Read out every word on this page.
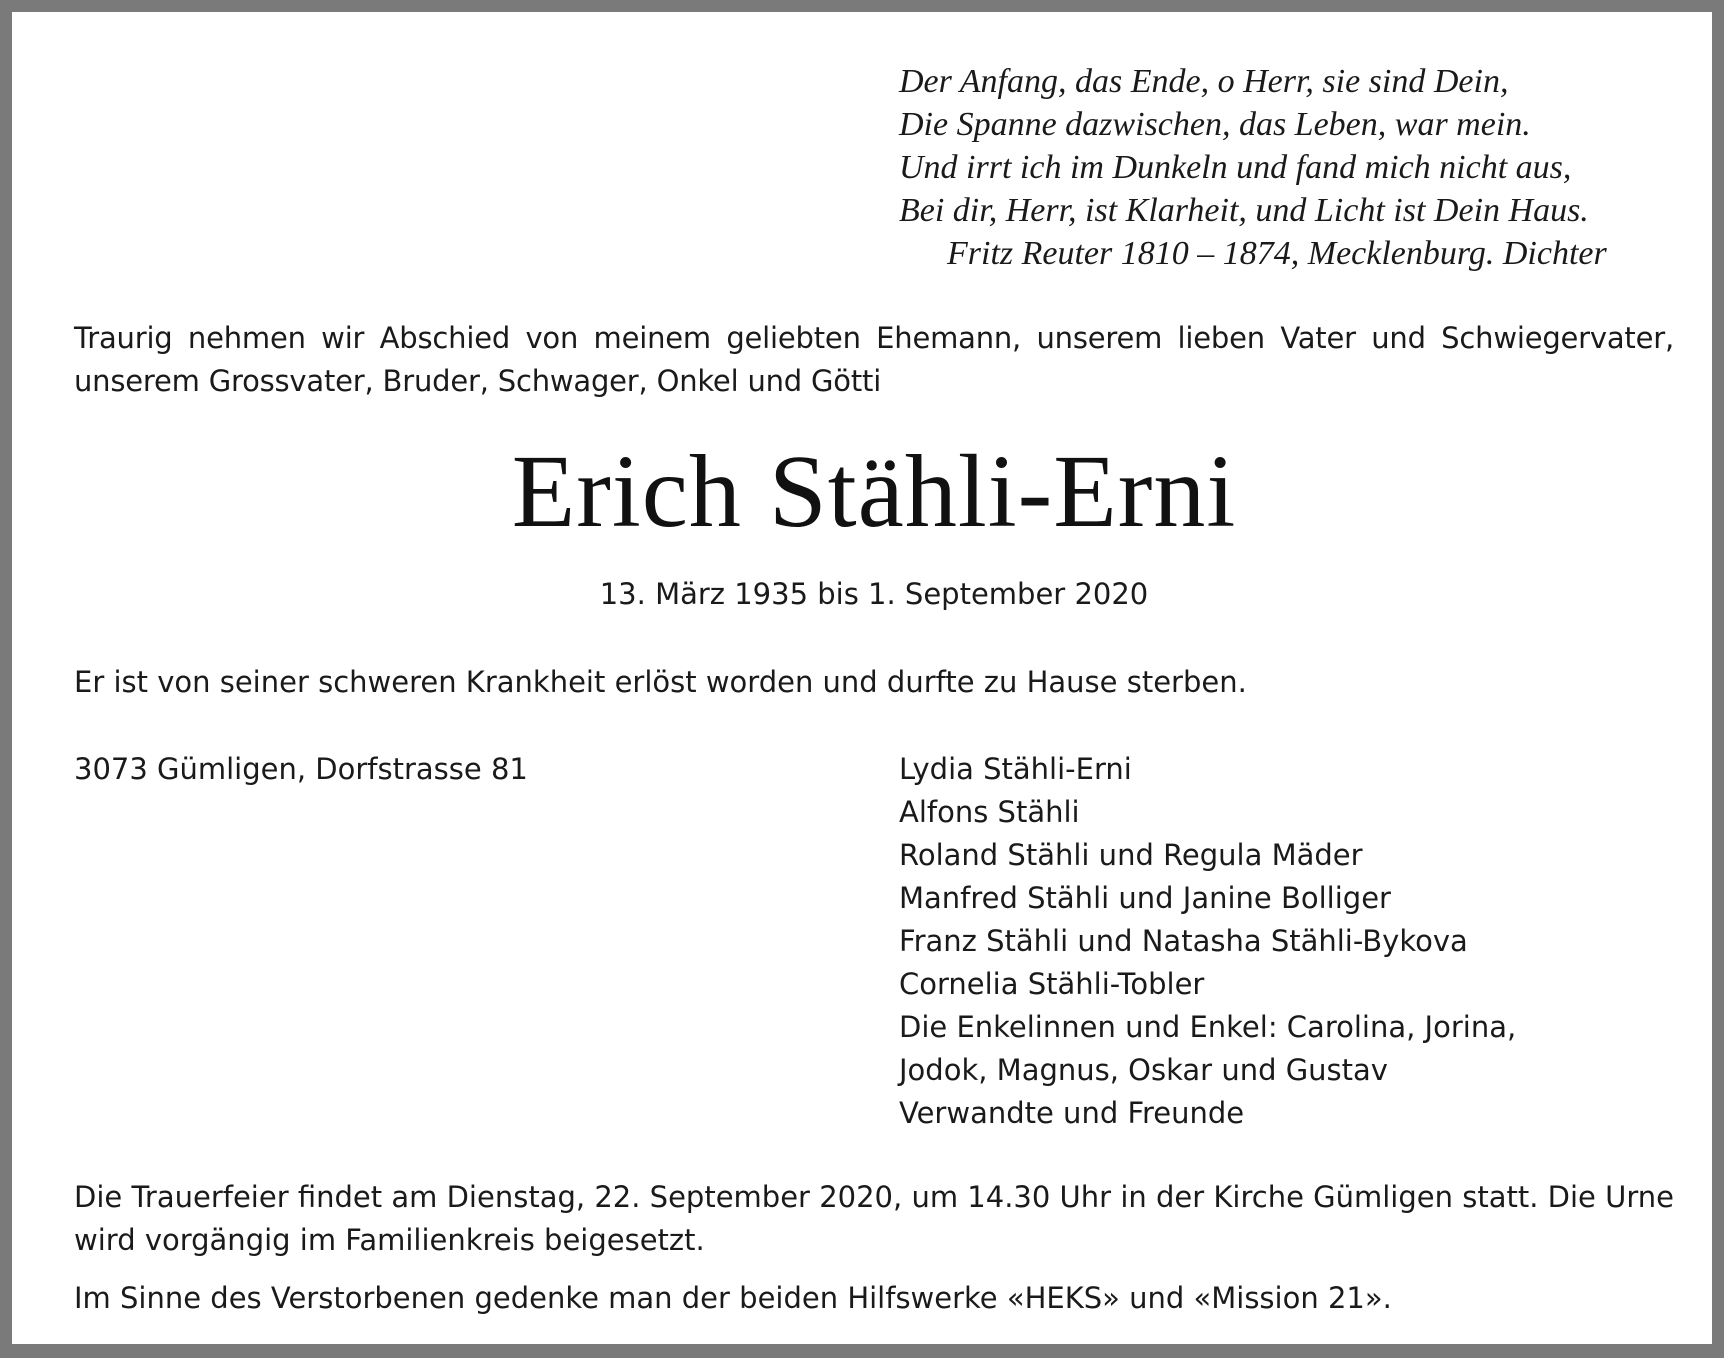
Der Anfang, das Ende, o Herr, sie sind Dein,
Die Spanne dazwischen, das Leben, war mein.
Und irrt ich im Dunkeln und fand mich nicht aus,
Bei dir, Herr, ist Klarheit, und Licht ist Dein Haus.
Fritz Reuter 1810 – 1874, Mecklenburg. Dichter
Traurig nehmen wir Abschied von meinem geliebten Ehemann, unserem lieben Vater und Schwiegervater,
unserem Grossvater, Bruder, Schwager, Onkel und Götti
Erich Stähli-Erni
13. März 1935 bis 1. September 2020
Er ist von seiner schweren Krankheit erlöst worden und durfte zu Hause sterben.
3073 Gümligen, Dorfstrasse 81	Lydia Stähli-Erni
Alfons Stähli
Roland Stähli und Regula Mäder
Manfred Stähli und Janine Bolliger
Franz Stähli und Natasha Stähli-Bykova
Cornelia Stähli-Tobler
Die Enkelinnen und Enkel: Carolina, Jorina,
Jodok, Magnus, Oskar und Gustav
Verwandte und Freunde
Die Trauerfeier findet am Dienstag, 22. September 2020, um 14.30 Uhr in der Kirche Gümligen statt. Die Urne
wird vorgängig im Familienkreis beigesetzt.
Im Sinne des Verstorbenen gedenke man der beiden Hilfswerke «HEKS» und «Mission 21».
